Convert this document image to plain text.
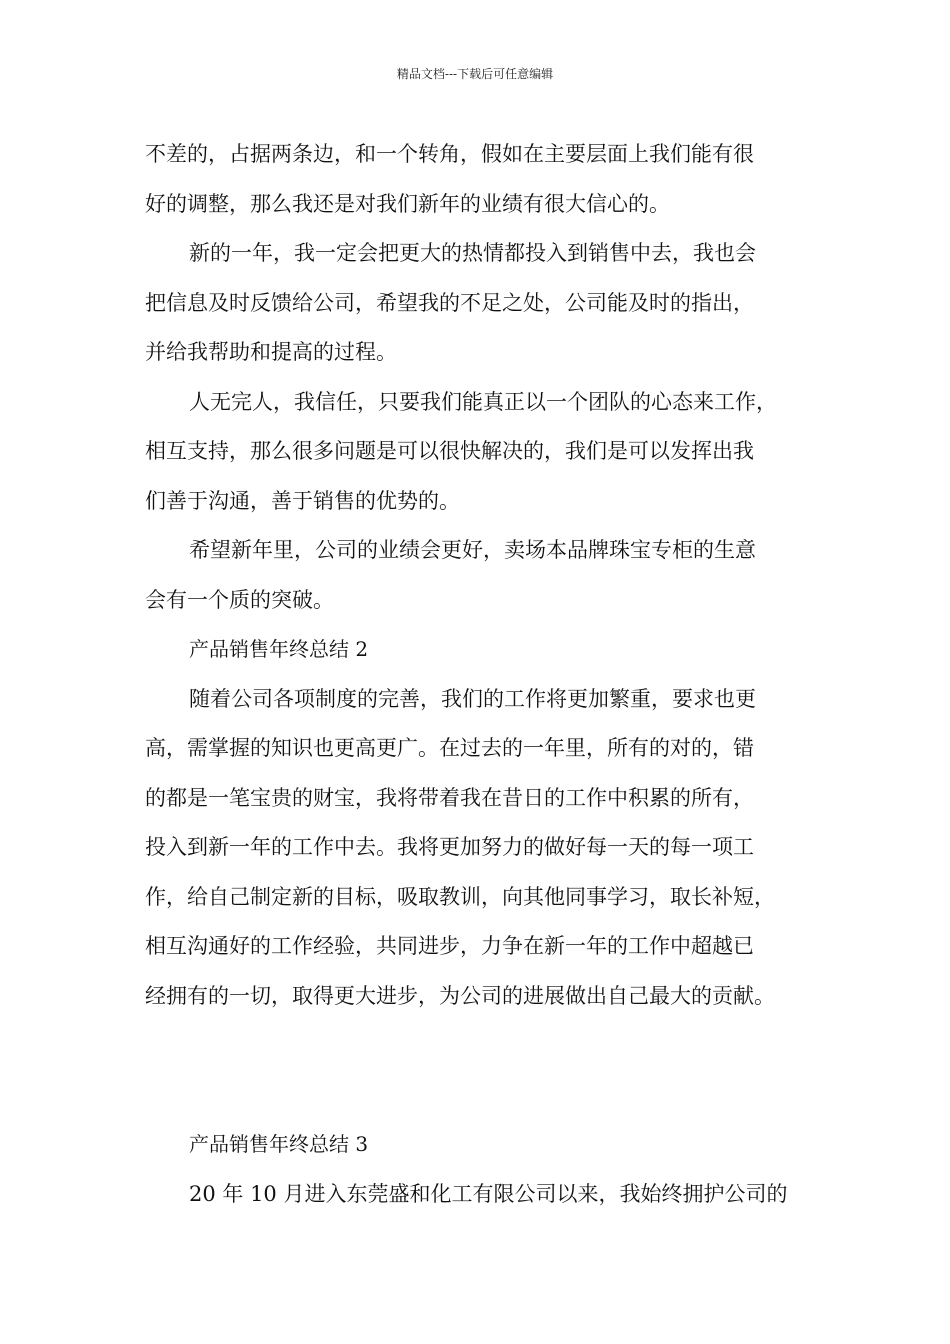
精品文档---下载后可任意编辑
不差的，占据两条边，和一个转角，假如在主要层面上我们能有很
好的调整，那么我还是对我们新年的业绩有很大信心的。
新的一年，我一定会把更大的热情都投入到销售中去，我也会
把信息及时反馈给公司，希望我的不足之处，公司能及时的指出，
并给我帮助和提高的过程。
人无完人，我信任，只要我们能真正以一个团队的心态来工作，
相互支持，那么很多问题是可以很快解决的，我们是可以发挥出我
们善于沟通，善于销售的优势的。
希望新年里，公司的业绩会更好，卖场本品牌珠宝专柜的生意
会有一个质的突破。
产品销售年终总结 2
随着公司各项制度的完善，我们的工作将更加繁重，要求也更
高，需掌握的知识也更高更广。在过去的一年里，所有的对的，错
的都是一笔宝贵的财宝，我将带着我在昔日的工作中积累的所有，
投入到新一年的工作中去。我将更加努力的做好每一天的每一项工
作，给自己制定新的目标，吸取教训，向其他同事学习，取长补短，
相互沟通好的工作经验，共同进步，力争在新一年的工作中超越已
经拥有的一切，取得更大进步，为公司的进展做出自己最大的贡献。
产品销售年终总结 3
20 年 10 月进入东莞盛和化工有限公司以来，我始终拥护公司的
